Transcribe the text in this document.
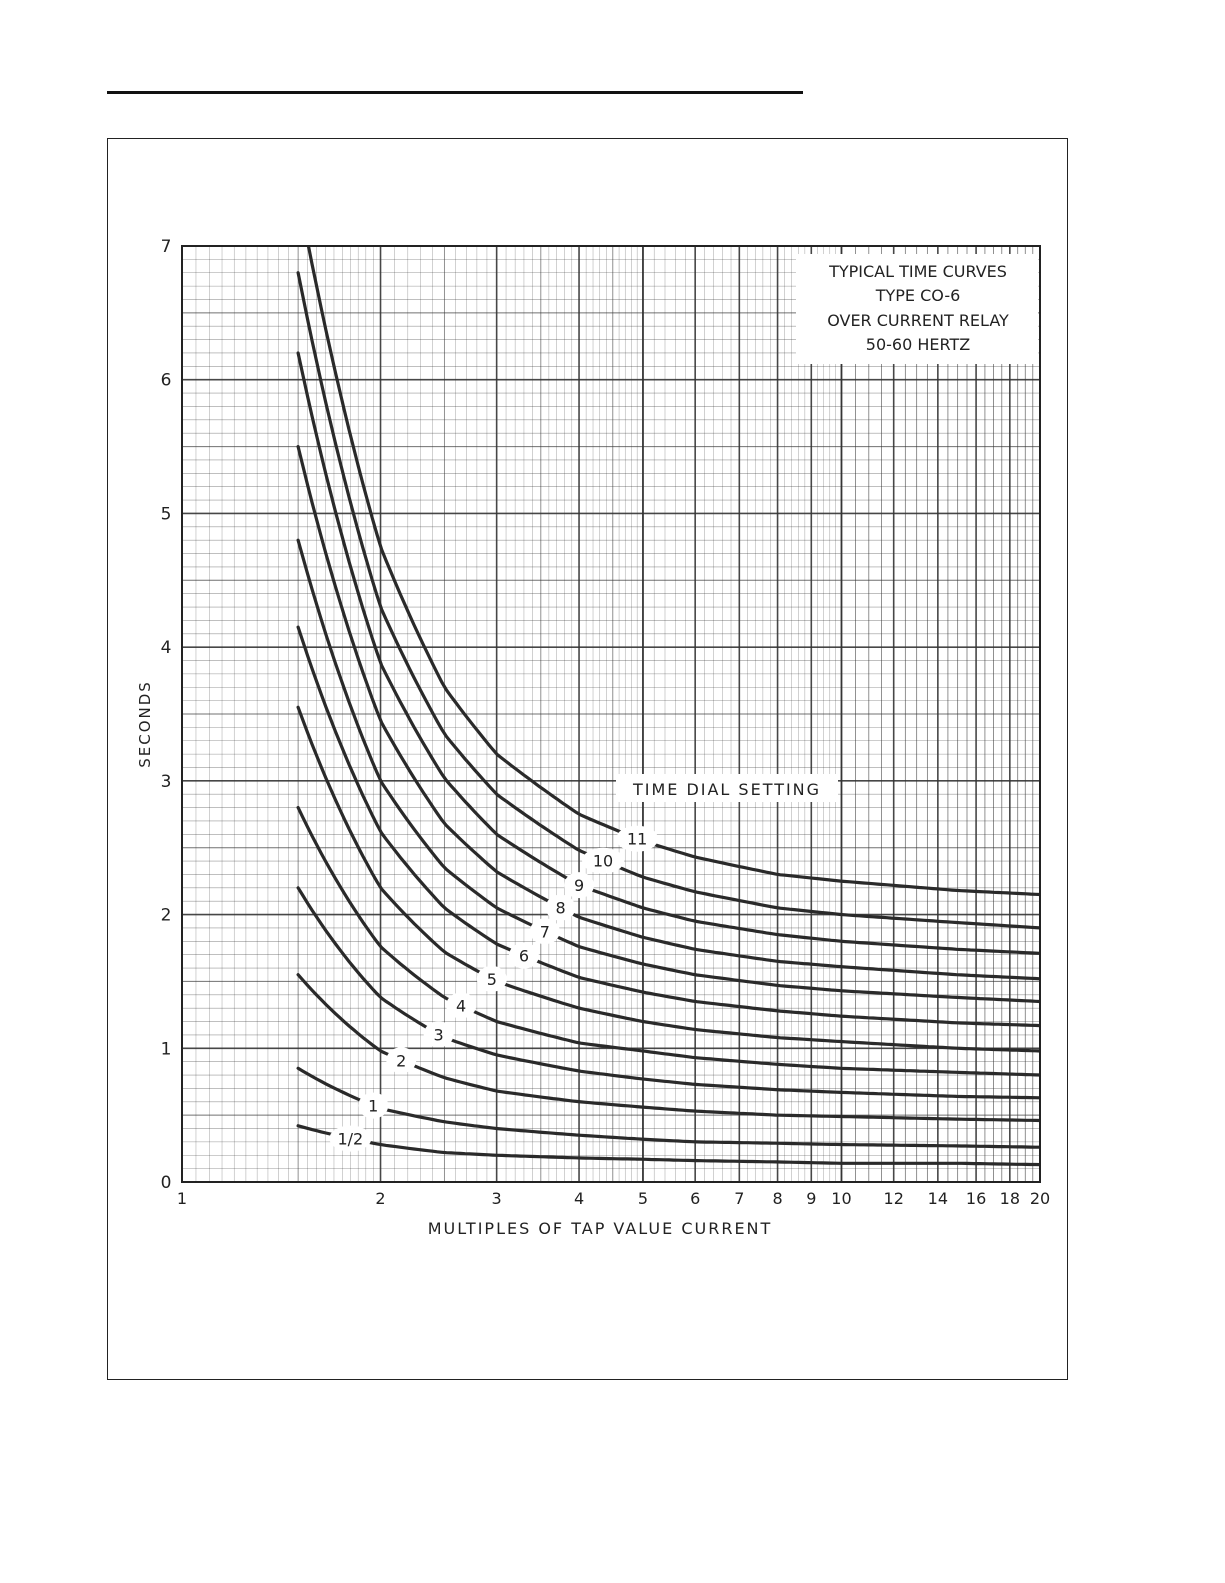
1/2
1
2
3
4
5
6
7
8
9
10
11
1	2	3	4	5	6 7 8 9 10 12 14 16 18 20
0
1
2
3
4
5
6
7
TYPICAL TIME CURVES
TYPE CO-6
OVER CURRENT RELAY
50-60 HERTZ
TIME DIAL SETTING
MULTIPLES OF TAP VALUE CURRENT
SECONDS
